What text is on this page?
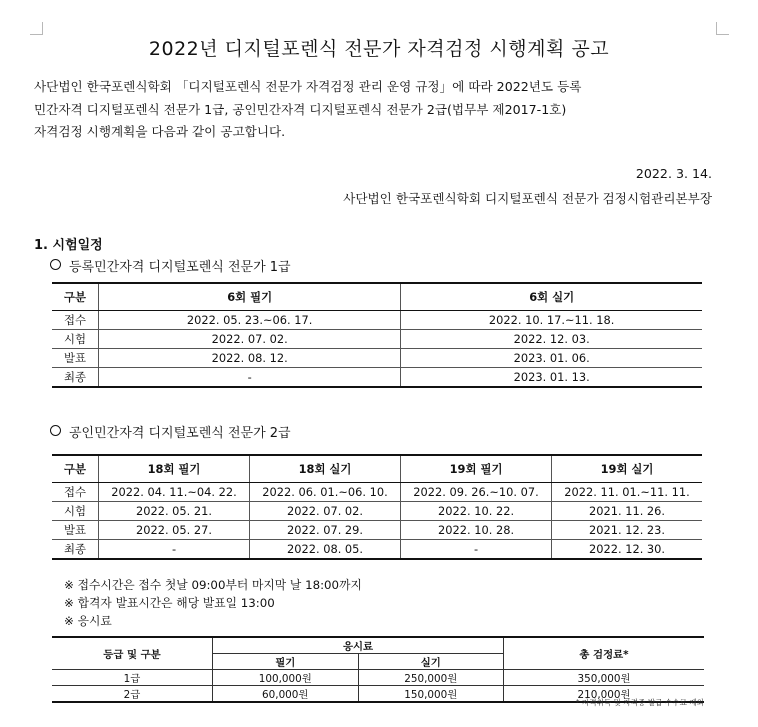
2022년 디지털포렌식 전문가 자격검정 시행계획 공고
사단법인 한국포렌식학회 「디지털포렌식 전문가 자격검정 관리 운영 규정」에 따라 2022년도 등록
민간자격 디지털포렌식 전문가 1급, 공인민간자격 디지털포렌식 전문가 2급(법무부 제2017-1호)
자격검정 시행계획을 다음과 같이 공고합니다.
2022. 3. 14.
사단법인 한국포렌식학회 디지털포렌식 전문가 검정시험관리본부장
1. 시험일정
등록민간자격 디지털포렌식 전문가 1급
구분	6회 필기	6회 실기
접수	2022. 05. 23.~06. 17.	2022. 10. 17.~11. 18.
시험	2022. 07. 02.	2022. 12. 03.
발표	2022. 08. 12.	2023. 01. 06.
최종	-	2023. 01. 13.
공인민간자격 디지털포렌식 전문가 2급
구분	18회 필기	18회 실기	19회 필기	19회 실기
접수	2022. 04. 11.~04. 22.	2022. 06. 01.~06. 10.	2022. 09. 26.~10. 07.	2022. 11. 01.~11. 11.
시험	2022. 05. 21.	2022. 07. 02.	2022. 10. 22.	2021. 11. 26.
발표	2022. 05. 27.	2022. 07. 29.	2022. 10. 28.	2021. 12. 23.
최종	-	2022. 08. 05.	-	2022. 12. 30.
※ 접수시간은 접수 첫날 09:00부터 마지막 날 18:00까지
※ 합격자 발표시간은 해당 발표일 13:00
※ 응시료
등급 및 구분	응시료		총 검정료*
	필기	실기	
1급	100,000원	250,000원	350,000원
2급	60,000원	150,000원	210,000원
* 자격취득 및 자격증 발급 수수료 제외
